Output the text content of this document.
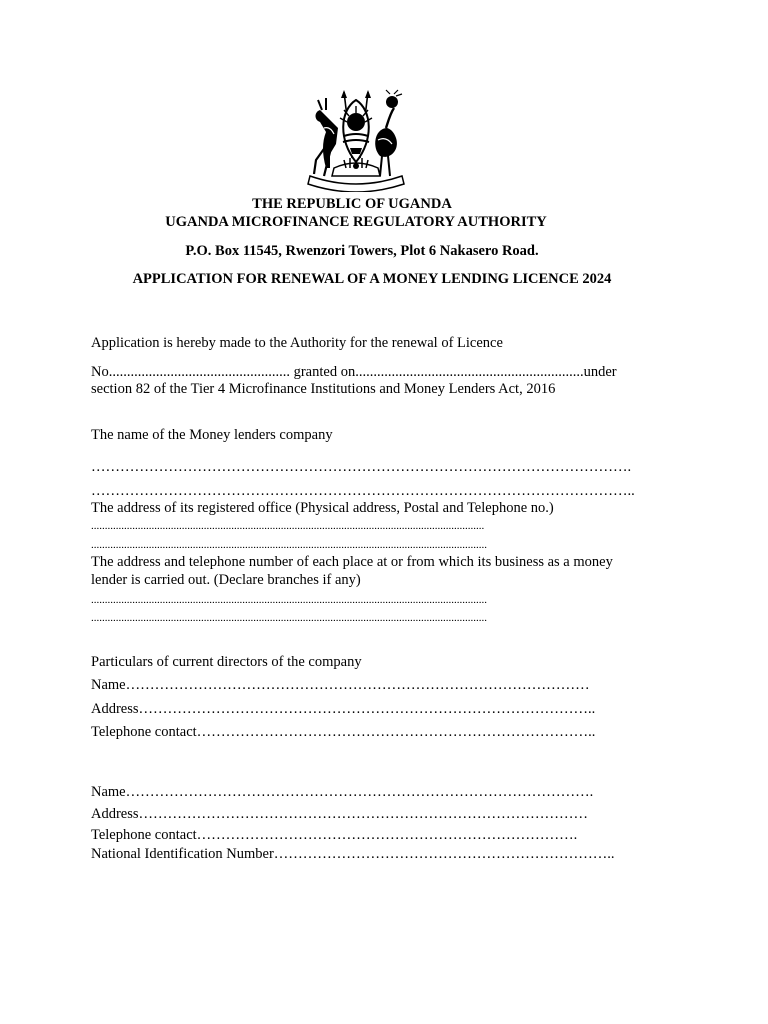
THE REPUBLIC OF UGANDA
UGANDA MICROFINANCE REGULATORY AUTHORITY
P.O. Box 11545, Rwenzori Towers, Plot 6 Nakasero Road.
APPLICATION FOR RENEWAL OF A MONEY LENDING LICENCE 2024
Application is hereby made to the Authority for the renewal of Licence
No.................................................. granted on...............................................................under
section 82 of the Tier 4 Microfinance Institutions and Money Lenders Act, 2016
The name of the Money lenders company
………………………………………………………………………………………………….
…………………………………………………………………………………………………..
The address of its registered office (Physical address, Postal and Telephone no.)
...............................................................................................................................................
................................................................................................................................................
The address and telephone number of each place at or from which its business as a money
lender is carried out. (Declare branches if any)
................................................................................................................................................
................................................................................................................................................
Particulars of current directors of the company
Name……………………………………………………………………………………
Address…………………………………………………………………………………..
Telephone contact………………………………………………………………………..
Name…………………………………………………………………………………….
Address…………………………………………………………………………………
Telephone contact…………………………………………………………………….
National Identification Number……………………………………………………………..
